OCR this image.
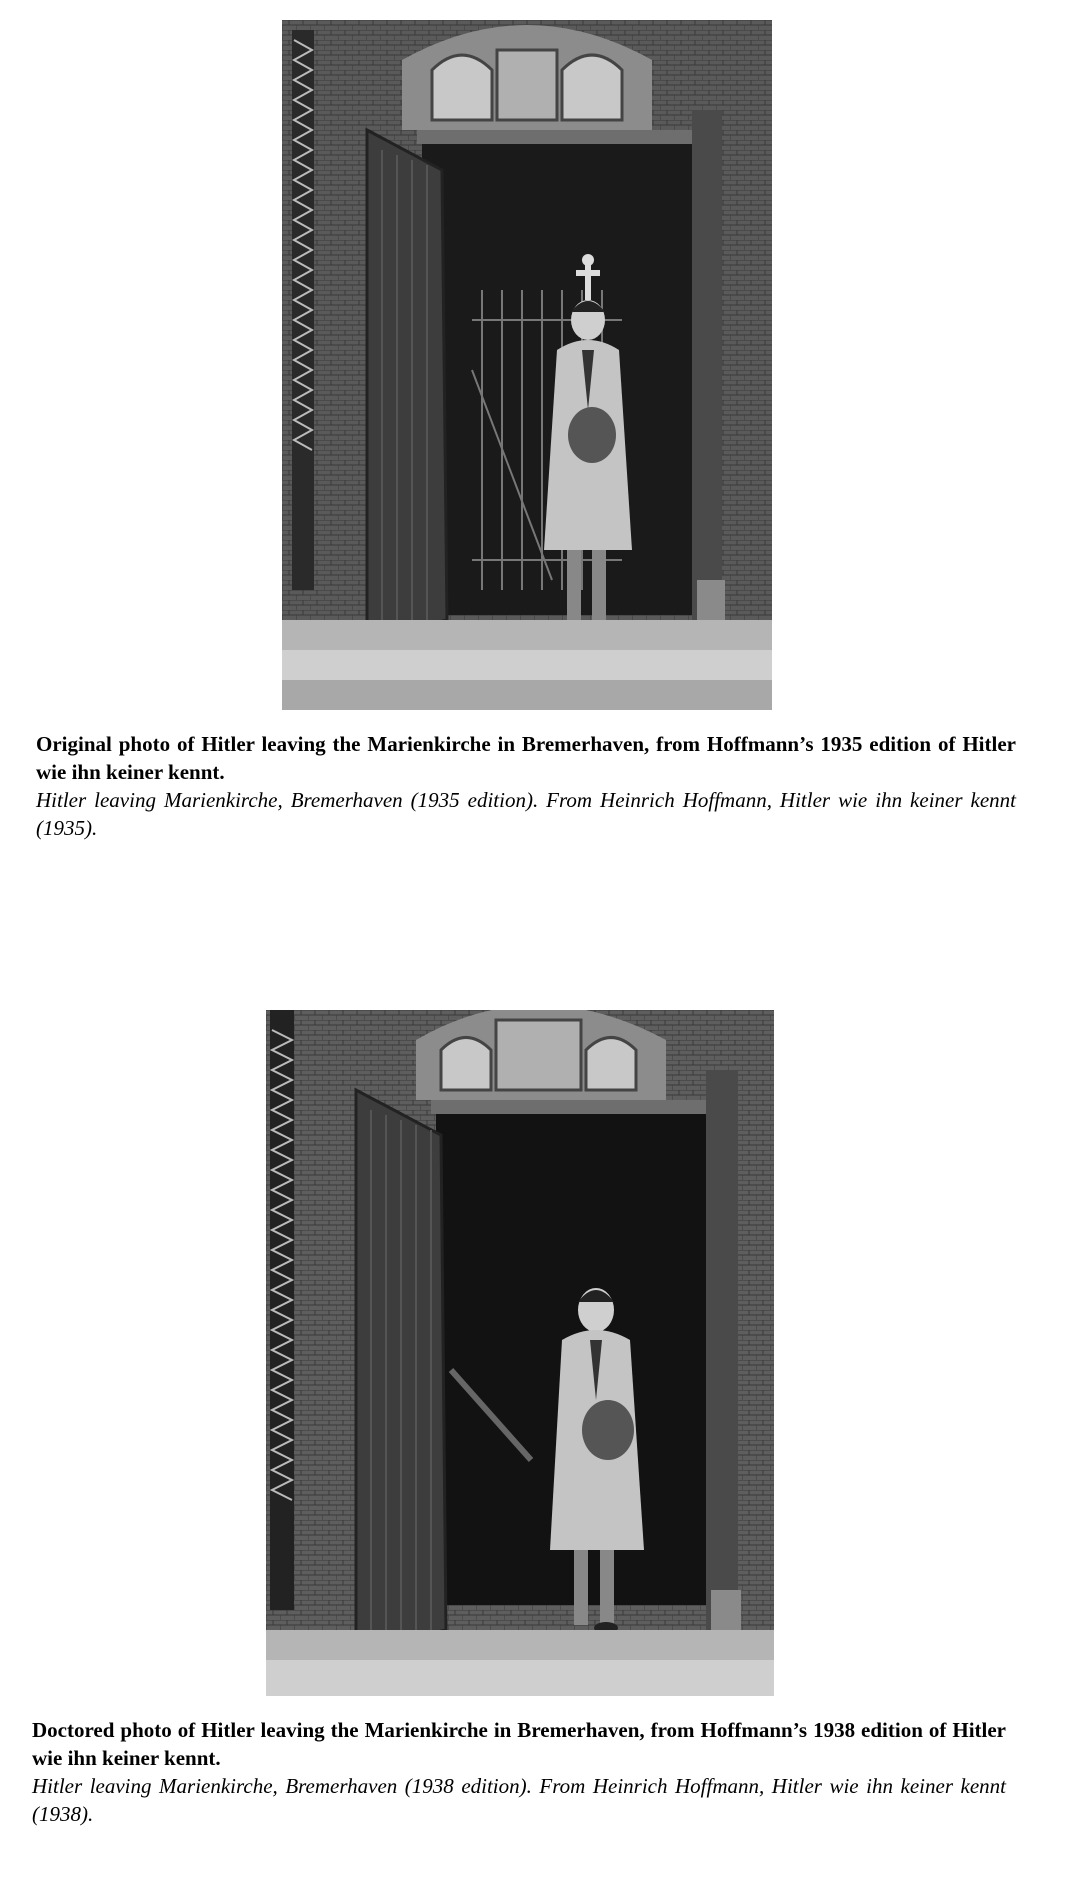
Original photo of Hitler leaving the Marienkirche in Bremerhaven, from Hoffmann’s 1935 edition of Hitler wie ihn keiner kennt.
Hitler leaving Marienkirche, Bremerhaven (1935 edition). From Heinrich Hoffmann, Hitler wie ihn keiner kennt (1935).
Doctored photo of Hitler leaving the Marienkirche in Bremerhaven, from Hoffmann’s 1938 edition of Hitler wie ihn keiner kennt.
Hitler leaving Marienkirche, Bremerhaven (1938 edition). From Heinrich Hoffmann, Hitler wie ihn keiner kennt (1938).
